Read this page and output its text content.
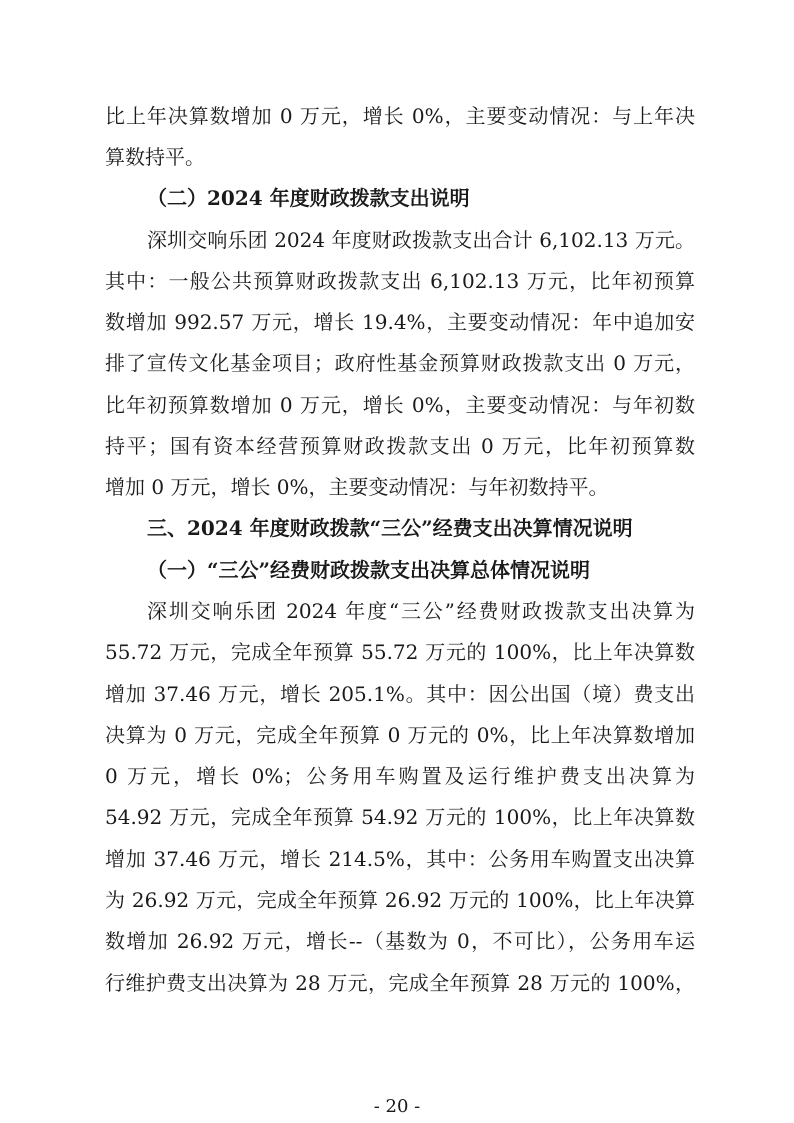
比上年决算数增加 0 万元，增长 0%，主要变动情况：与上年决
算数持平。
（二）2024 年度财政拨款支出说明
深圳交响乐团 2024 年度财政拨款支出合计 6,102.13 万元。
其中：一般公共预算财政拨款支出 6,102.13 万元，比年初预算
数增加 992.57 万元，增长 19.4%，主要变动情况：年中追加安
排了宣传文化基金项目；政府性基金预算财政拨款支出 0 万元，
比年初预算数增加 0 万元，增长 0%，主要变动情况：与年初数
持平；国有资本经营预算财政拨款支出 0 万元，比年初预算数
增加 0 万元，增长 0%，主要变动情况：与年初数持平。
三、2024 年度财政拨款“三公”经费支出决算情况说明
（一）“三公”经费财政拨款支出决算总体情况说明
深圳交响乐团 2024 年度“三公”经费财政拨款支出决算为
55.72 万元，完成全年预算 55.72 万元的 100%，比上年决算数
增加 37.46 万元，增长 205.1%。其中：因公出国（境）费支出
决算为 0 万元，完成全年预算 0 万元的 0%，比上年决算数增加
0 万元，增长 0%；公务用车购置及运行维护费支出决算为
54.92 万元，完成全年预算 54.92 万元的 100%，比上年决算数
增加 37.46 万元，增长 214.5%，其中：公务用车购置支出决算
为 26.92 万元，完成全年预算 26.92 万元的 100%，比上年决算
数增加 26.92 万元，增长--（基数为 0，不可比），公务用车运
行维护费支出决算为 28 万元，完成全年预算 28 万元的 100%，
- 20 -
